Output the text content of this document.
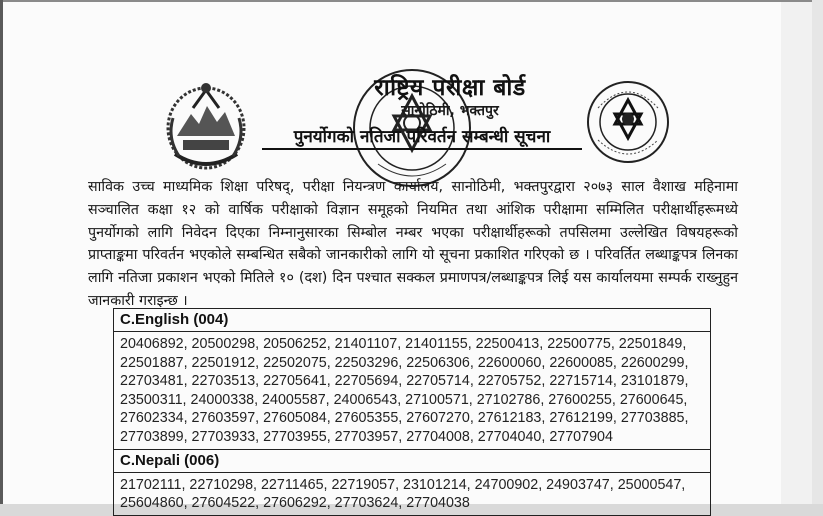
राष्ट्रिय परीक्षा बोर्ड
सानोठिमी, भक्तपुर
पुनर्योगको नतिजा परिवर्तन सम्बन्धी सूचना
साविक उच्च माध्यमिक शिक्षा परिषद्, परीक्षा नियन्त्रण कार्यालय, सानोठिमी, भक्तपुरद्वारा २०७३ साल वैशाख महिनामा सञ्चालित कक्षा १२ को वार्षिक परीक्षाको विज्ञान समूहको नियमित तथा आंशिक परीक्षामा सम्मिलित परीक्षार्थीहरूमध्ये पुनर्योगको लागि निवेदन दिएका निम्नानुसारका सिम्बोल नम्बर भएका परीक्षार्थीहरूको तपसिलमा उल्लेखित विषयहरूको प्राप्ताङ्कमा परिवर्तन भएकोले सम्बन्धित सबैको जानकारीको लागि यो सूचना प्रकाशित गरिएको छ । परिवर्तित लब्धाङ्कपत्र लिनका लागि नतिजा प्रकाशन भएको मितिले १० (दश) दिन पश्चात सक्कल प्रमाणपत्र/लब्धाङ्कपत्र लिई यस कार्यालयमा सम्पर्क राख्नुहुन जानकारी गराइन्छ ।
C.English (004)

20406892, 20500298, 20506252, 21401107, 21401155, 22500413, 22500775, 22501849,
22501887, 22501912, 22502075, 22503296, 22506306, 22600060, 22600085, 22600299,
22703481, 22703513, 22705641, 22705694, 22705714, 22705752, 22715714, 23101879,
23500311, 24000338, 24005587, 24006543, 27100571, 27102786, 27600255, 27600645,
27602334, 27603597, 27605084, 27605355, 27607270, 27612183, 27612199, 27703885,
27703899, 27703933, 27703955, 27703957, 27704008, 27704040, 27707904

C.Nepali (006)

21702111, 22710298, 22711465, 22719057, 23101214, 24700902, 24903747, 25000547,
25604860, 27604522, 27606292, 27703624, 27704038
